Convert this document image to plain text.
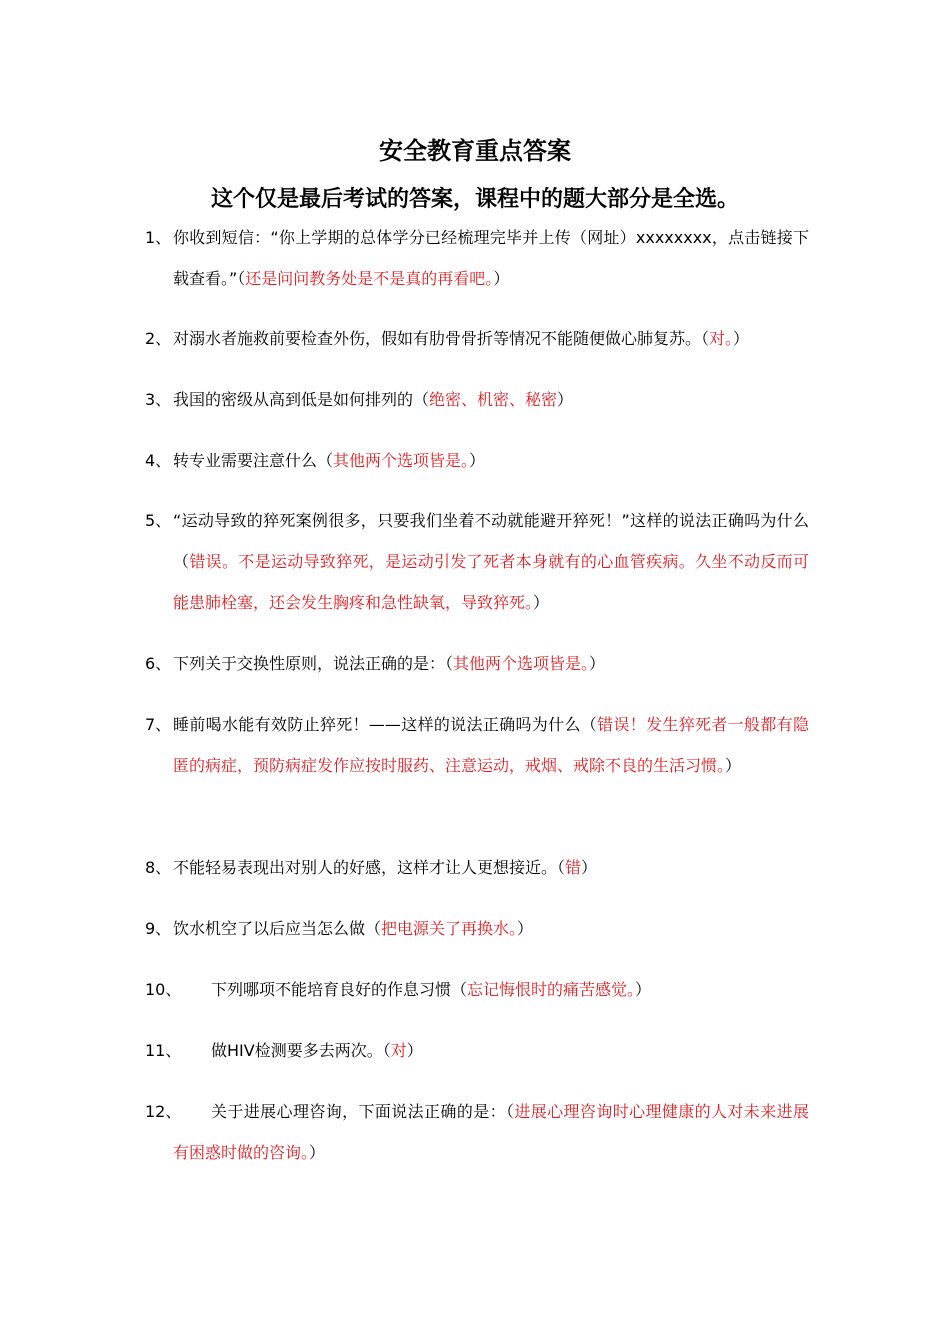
安全教育重点答案
这个仅是最后考试的答案，课程中的题大部分是全选。
1、 你收到短信：“你上学期的总体学分已经梳理完毕并上传（网址）xxxxxxxx，点击链接下载查看。”（还是问问教务处是不是真的再看吧。）
2、 对溺水者施救前要检查外伤，假如有肋骨骨折等情况不能随便做心肺复苏。（对。）
3、 我国的密级从高到低是如何排列的（绝密、机密、秘密）
4、 转专业需要注意什么（其他两个选项皆是。）
5、 “运动导致的猝死案例很多，只要我们坐着不动就能避开猝死！”这样的说法正确吗为什么（错误。不是运动导致猝死，是运动引发了死者本身就有的心血管疾病。久坐不动反而可能患肺栓塞，还会发生胸疼和急性缺氧，导致猝死。）
6、 下列关于交换性原则，说法正确的是：（其他两个选项皆是。）
7、 睡前喝水能有效防止猝死！——这样的说法正确吗为什么（错误！发生猝死者一般都有隐匿的病症，预防病症发作应按时服药、注意运动，戒烟、戒除不良的生活习惯。）
8、 不能轻易表现出对别人的好感，这样才让人更想接近。（错）
9、 饮水机空了以后应当怎么做（把电源关了再换水。）
10、 下列哪项不能培育良好的作息习惯（忘记悔恨时的痛苦感觉。）
11、 做HIV检测要多去两次。（对）
12、	关于进展心理咨询，下面说法正确的是：（进展心理咨询时心理健康的人对未来进展有困惑时做的咨询。）
